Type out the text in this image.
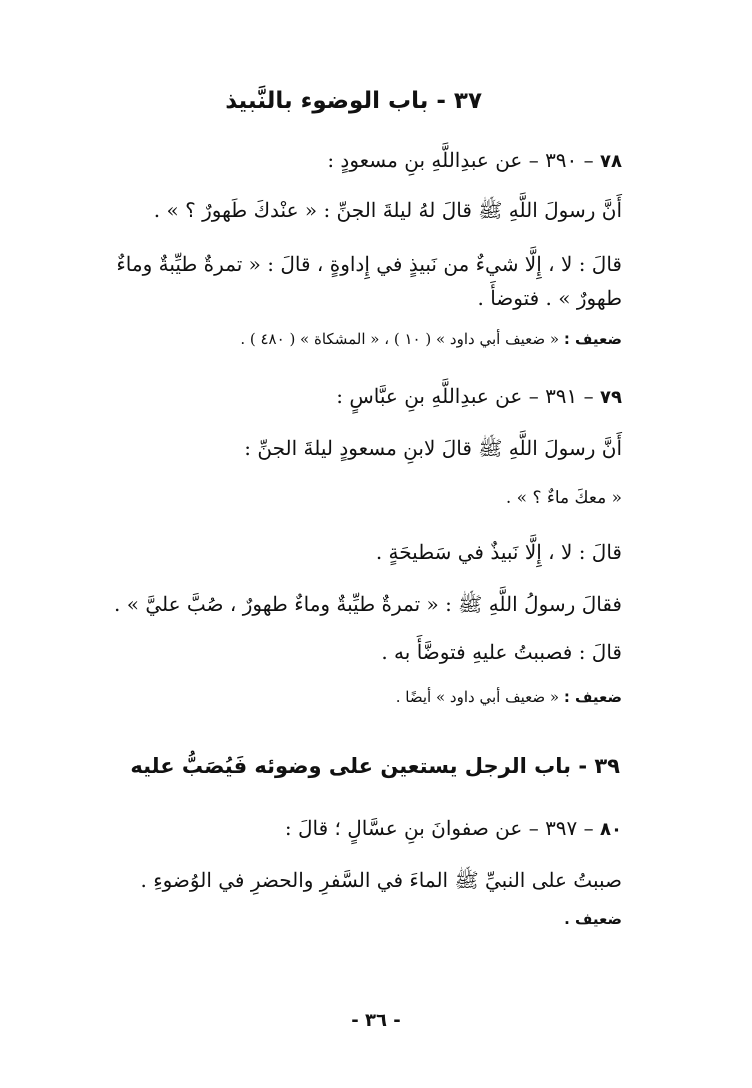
٣٧ - باب الوضوء بالنَّبيذ
٧٨ – ٣٩٠ – عن عبدِاللَّهِ بنِ مسعودٍ :
أَنَّ رسولَ اللَّهِ ﷺ قالَ لهُ ليلةَ الجنِّ : « عنْدكَ طَهورٌ ؟ » .
قالَ : لا ، إِلَّا شيءٌ من نَبيذٍ في إِداوةٍ ، قالَ : « تمرةٌ طيِّبةٌ وماءٌ
طهورٌ » . فتوضأَ .
ضعيف : « ضعيف أبي داود » ( ١٠ ) ، « المشكاة » ( ٤٨٠ ) .
٧٩ – ٣٩١ – عن عبدِاللَّهِ بنِ عبَّاسٍ :
أَنَّ رسولَ اللَّهِ ﷺ قالَ لابنِ مسعودٍ ليلةَ الجنِّ :
« معكَ ماءٌ ؟ » .
قالَ : لا ، إِلَّا نَبيذٌ في سَطيحَةٍ .
فقالَ رسولُ اللَّهِ ﷺ : « تمرةٌ طيِّبةٌ وماءٌ طهورٌ ، صُبَّ عليَّ » .
قالَ : فصببتُ عليهِ فتوضَّأَ به .
ضعيف : « ضعيف أبي داود » أيضًا .
٣٩ - باب الرجل يستعين على وضوئه فَيُصَبُّ عليه
٨٠ – ٣٩٧ – عن صفوانَ بنِ عسَّالٍ ؛ قالَ :
صببتُ على النبيِّ ﷺ الماءَ في السَّفرِ والحضرِ في الوُضوءِ .
ضعيف .
- ٣٦ -
